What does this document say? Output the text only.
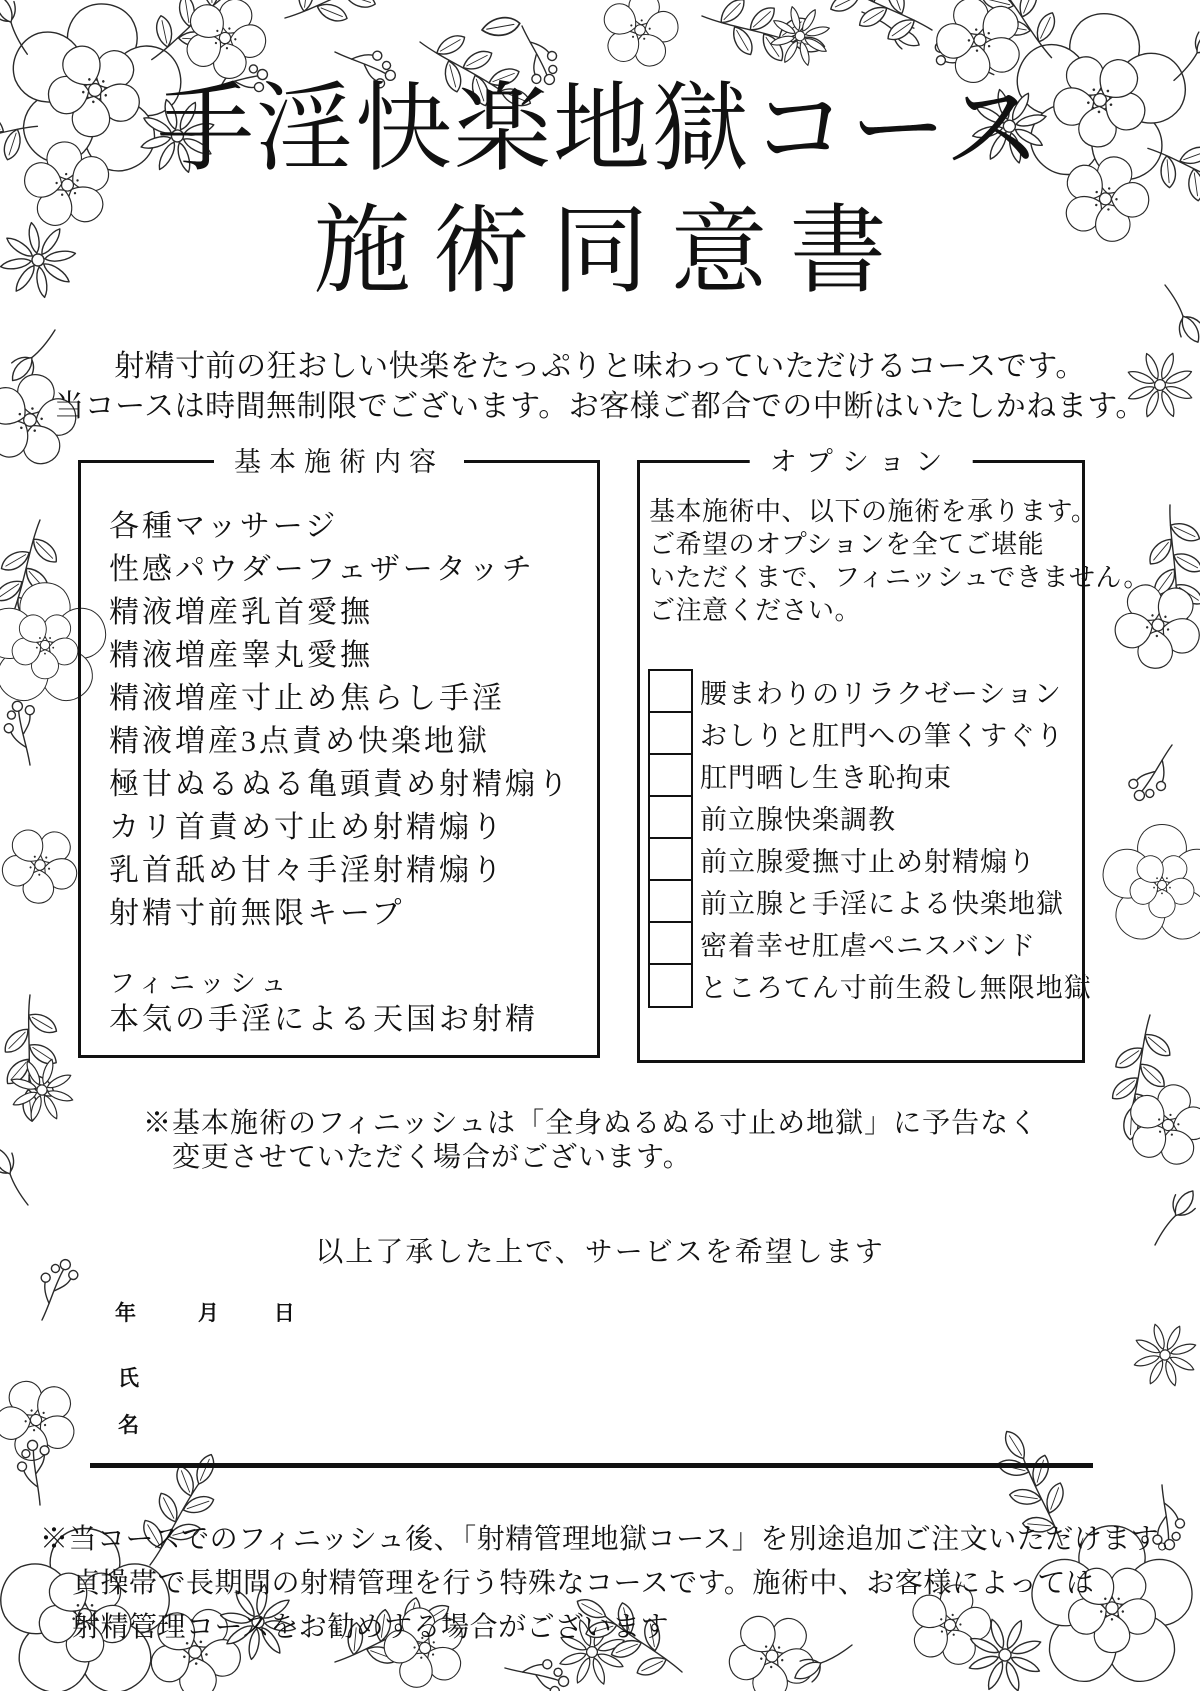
手淫快楽地獄コース
施術同意書
射精寸前の狂おしい快楽をたっぷりと味わっていただけるコースです。
当コースは時間無制限でございます。お客様ご都合での中断はいたしかねます。
基本施術内容
各種マッサージ
性感パウダーフェザータッチ
精液増産乳首愛撫
精液増産睾丸愛撫
精液増産寸止め焦らし手淫
精液増産3点責め快楽地獄
極甘ぬるぬる亀頭責め射精煽り
カリ首責め寸止め射精煽り
乳首舐め甘々手淫射精煽り
射精寸前無限キープ
フィニッシュ
本気の手淫による天国お射精
オプション
基本施術中、以下の施術を承ります。
ご希望のオプションを全てご堪能
いただくまで、フィニッシュできません。
ご注意ください。
腰まわりのリラクゼーション
おしりと肛門への筆くすぐり
肛門晒し生き恥拘束
前立腺快楽調教
前立腺愛撫寸止め射精煽り
前立腺と手淫による快楽地獄
密着幸せ肛虐ペニスバンド
ところてん寸前生殺し無限地獄
※基本施術のフィニッシュは「全身ぬるぬる寸止め地獄」に予告なく
変更させていただく場合がございます。
以上了承した上で、サービスを希望します
年	月	日
氏
名
※当コースでのフィニッシュ後、「射精管理地獄コース」を別途追加ご注文いただけます。
貞操帯で長期間の射精管理を行う特殊なコースです。施術中、お客様によっては
射精管理コースをお勧めする場合がございます
